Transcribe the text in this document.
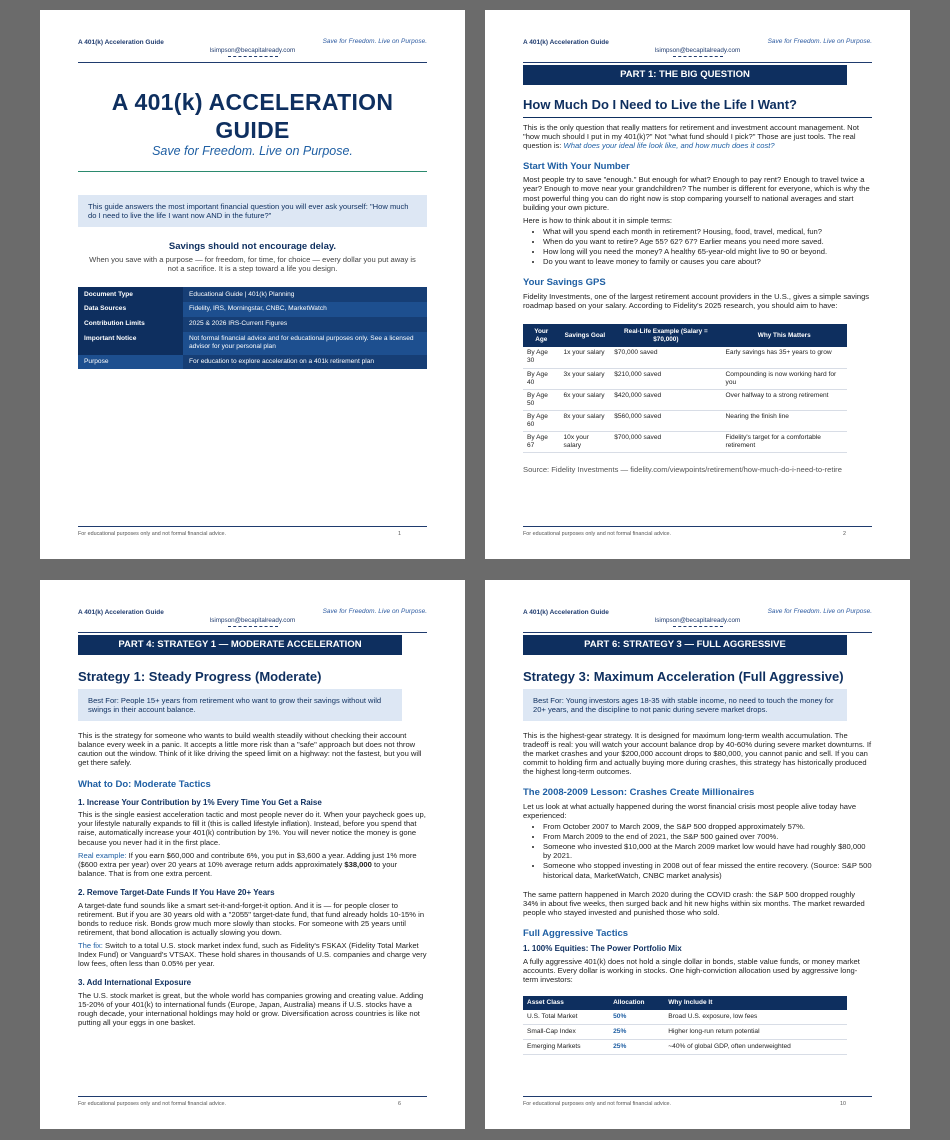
A 401(k) Acceleration Guide	Save for Freedom. Live on Purpose.
lsimpson@becapitalready.com
A 401(k) ACCELERATION GUIDE
Save for Freedom. Live on Purpose.
This guide answers the most important financial question you will ever ask yourself: "How much do I need to live the life I want now AND in the future?"
Savings should not encourage delay.
When you save with a purpose — for freedom, for time, for choice — every dollar you put away is not a sacrifice. It is a step toward a life you design.
Document Type	Educational Guide | 401(k) Planning
Data Sources	Fidelity, IRS, Morningstar, CNBC, MarketWatch
Contribution Limits	2025 & 2026 IRS-Current Figures
Important Notice	Not formal financial advice and for educational purposes only. See a licensed advisor for your personal plan
Purpose	For education to explore acceleration on a 401k retirement plan
For educational purposes only and not formal financial advice.	1
A 401(k) Acceleration Guide	Save for Freedom. Live on Purpose.
lsimpson@becapitalready.com
PART 1: THE BIG QUESTION
How Much Do I Need to Live the Life I Want?

This is the only question that really matters for retirement and investment account management. Not "how much should I put in my 401(k)?" Not "what fund should I pick?" Those are just tools. The real question is: What does your ideal life look like, and how much does it cost?

Start With Your Number

Most people try to save "enough." But enough for what? Enough to pay rent? Enough to travel twice a year? Enough to move near your grandchildren? The number is different for everyone, which is why the most powerful thing you can do right now is stop comparing yourself to national averages and start building your own picture.

Here is how to think about it in simple terms:

• What will you spend each month in retirement? Housing, food, travel, medical, fun?
• When do you want to retire? Age 55? 62? 67? Earlier means you need more saved.
• How long will you need the money? A healthy 65-year-old might live to 90 or beyond.
• Do you want to leave money to family or causes you care about?
Your Savings GPS

Fidelity Investments, one of the largest retirement account providers in the U.S., gives a simple savings roadmap based on your salary. According to Fidelity's 2025 research, you should aim to have:

Your Age	Savings Goal	Real-Life Example (Salary = $70,000)	Why This Matters
By Age 30	1x your salary	$70,000 saved	Early savings has 35+ years to grow
By Age 40	3x your salary	$210,000 saved	Compounding is now working hard for you
By Age 50	6x your salary	$420,000 saved	Over halfway to a strong retirement
By Age 60	8x your salary	$560,000 saved	Nearing the finish line
By Age 67	10x your salary	$700,000 saved	Fidelity's target for a comfortable retirement

Source: Fidelity Investments — fidelity.com/viewpoints/retirement/how-much-do-i-need-to-retire

For educational purposes only and not formal financial advice.	2
A 401(k) Acceleration Guide	Save for Freedom. Live on Purpose.
lsimpson@becapitalready.com
PART 4: STRATEGY 1 — MODERATE ACCELERATION
Strategy 1: Steady Progress (Moderate)
Best For: People 15+ years from retirement who want to grow their savings without wild swings in their account balance.

This is the strategy for someone who wants to build wealth steadily without checking their account balance every week in a panic. It accepts a little more risk than a "safe" approach but does not throw caution out the window. Think of it like driving the speed limit on a highway: not the fastest, but you will get there safely.

What to Do: Moderate Tactics
1. Increase Your Contribution by 1% Every Time You Get a Raise

This is the single easiest acceleration tactic and most people never do it. When your paycheck goes up, your lifestyle naturally expands to fill it (this is called lifestyle inflation). Instead, before you spend that raise, automatically increase your 401(k) contribution by 1%. You will never notice the money is gone because you never had it in the first place.

Real example: If you earn $60,000 and contribute 6%, you put in $3,600 a year. Adding just 1% more ($600 extra per year) over 20 years at 10% average return adds approximately $38,000 to your balance. That is from one extra percent.

2. Remove Target-Date Funds If You Have 20+ Years

A target-date fund sounds like a smart set-it-and-forget-it option. And it is — for people closer to retirement. But if you are 30 years old with a "2055" target-date fund, that fund already holds 10-15% in bonds to reduce risk. Bonds grow much more slowly than stocks. For someone with 25 years until retirement, that bond allocation is actually slowing you down.

The fix: Switch to a total U.S. stock market index fund, such as Fidelity's FSKAX (Fidelity Total Market Index Fund) or Vanguard's VTSAX. These hold shares in thousands of U.S. companies and charge very low fees, often less than 0.05% per year.

3. Add International Exposure

The U.S. stock market is great, but the whole world has companies growing and creating value. Adding 15-20% of your 401(k) to international funds (Europe, Japan, Australia) means if U.S. stocks have a rough decade, your international holdings may hold or grow. Diversification across countries is like not putting all your eggs in one basket.

For educational purposes only and not formal financial advice.	6
A 401(k) Acceleration Guide	Save for Freedom. Live on Purpose.
lsimpson@becapitalready.com
PART 6: STRATEGY 3 — FULL AGGRESSIVE
Strategy 3: Maximum Acceleration (Full Aggressive)
Best For: Young investors ages 18-35 with stable income, no need to touch the money for 20+ years, and the discipline to not panic during severe market drops.

This is the highest-gear strategy. It is designed for maximum long-term wealth accumulation. The tradeoff is real: you will watch your account balance drop by 40-60% during severe market downturns. If the market crashes and your $200,000 account drops to $80,000, you cannot panic and sell. If you can commit to holding firm and actually buying more during crashes, this strategy has historically produced the highest long-term outcomes.

The 2008-2009 Lesson: Crashes Create Millionaires

Let us look at what actually happened during the worst financial crisis most people alive today have experienced:

• From October 2007 to March 2009, the S&P 500 dropped approximately 57%.
• From March 2009 to the end of 2021, the S&P 500 gained over 700%.
• Someone who invested $10,000 at the March 2009 market low would have had roughly $80,000 by 2021.
• Someone who stopped investing in 2008 out of fear missed the entire recovery. (Source: S&P 500 historical data, MarketWatch, CNBC market analysis)

The same pattern happened in March 2020 during the COVID crash: the S&P 500 dropped roughly 34% in about five weeks, then surged back and hit new highs within six months. The market rewarded people who stayed invested and punished those who sold.

Full Aggressive Tactics
1. 100% Equities: The Power Portfolio Mix

A fully aggressive 401(k) does not hold a single dollar in bonds, stable value funds, or money market accounts. Every dollar is working in stocks. One high-conviction allocation used by aggressive long-term investors:

Asset Class	Allocation	Why Include It
U.S. Total Market	50%	Broad U.S. exposure, low fees
Small-Cap Index	25%	Higher long-run return potential
Emerging Markets	25%	~40% of global GDP, often underweighted
For educational purposes only and not formal financial advice.	10
